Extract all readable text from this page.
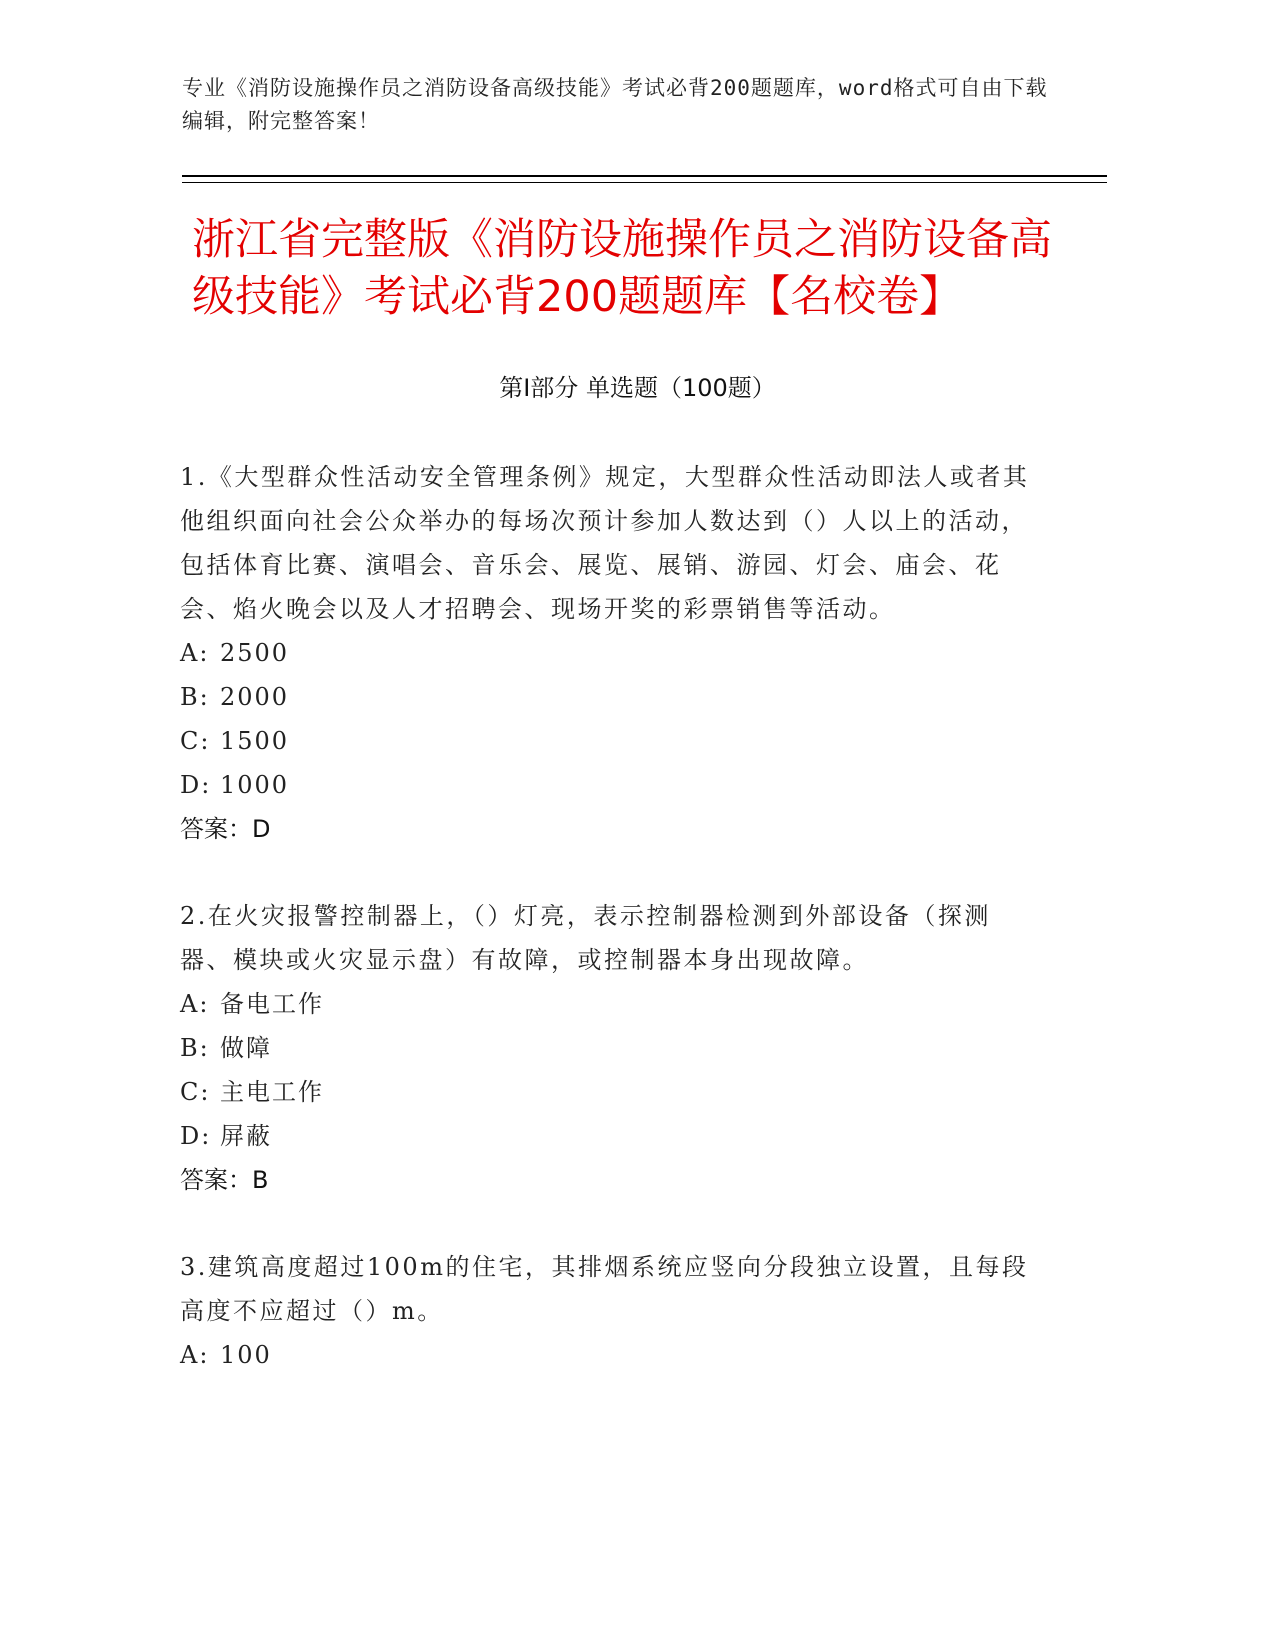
专业《消防设施操作员之消防设备高级技能》考试必背200题题库，word格式可自由下载编辑，附完整答案！
浙江省完整版《消防设施操作员之消防设备高级技能》考试必背200题题库【名校卷】
第I部分 单选题（100题）

1.《大型群众性活动安全管理条例》规定，大型群众性活动即法人或者其他组织面向社会公众举办的每场次预计参加人数达到（）人以上的活动，包括体育比赛、演唱会、音乐会、展览、展销、游园、灯会、庙会、花会、焰火晚会以及人才招聘会、现场开奖的彩票销售等活动。

A: 2500

B: 2000

C: 1500

D: 1000

答案：D

2.在火灾报警控制器上，（）灯亮，表示控制器检测到外部设备（探测器、模块或火灾显示盘）有故障，或控制器本身出现故障。

A: 备电工作

B: 做障

C: 主电工作

D: 屏蔽

答案：B

3.建筑高度超过100m的住宅，其排烟系统应竖向分段独立设置，且每段高度不应超过（）m。

A: 100
